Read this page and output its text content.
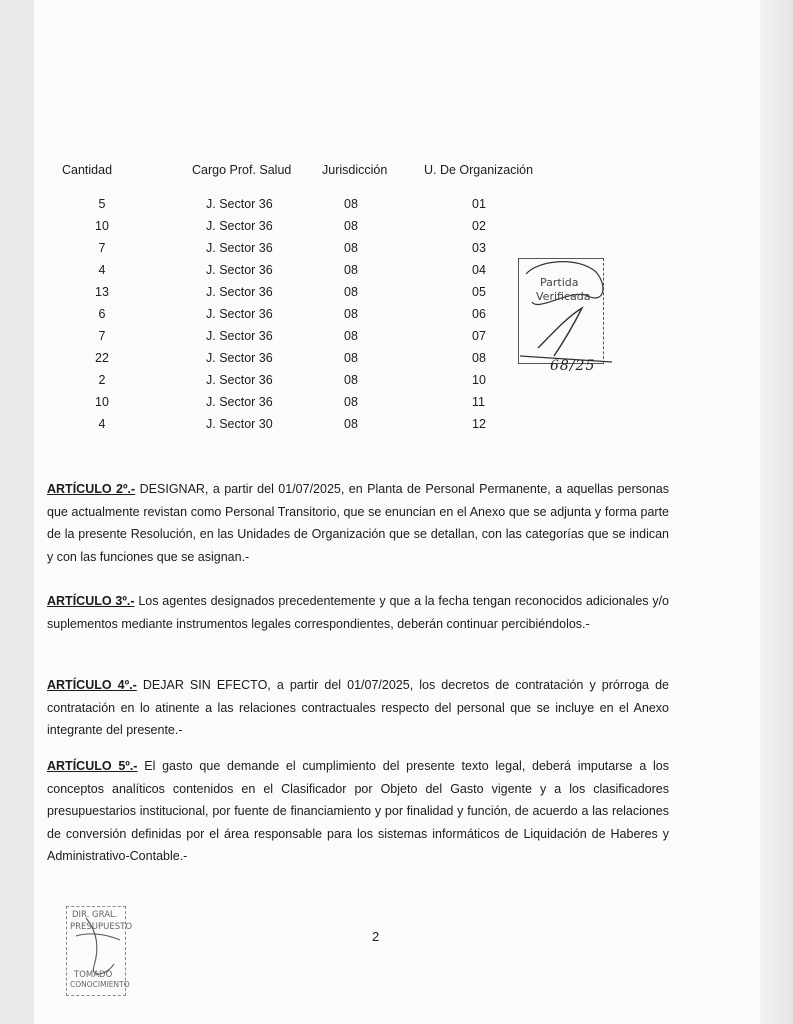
Cantidad	Cargo Prof. Salud	Jurisdicción	U. De Organización
5	J. Sector 36	08	01
10	J. Sector 36	08	02
7	J. Sector 36	08	03
4	J. Sector 36	08	04
13	J. Sector 36	08	05
6	J. Sector 36	08	06
7	J. Sector 36	08	07
22	J. Sector 36	08	08
2	J. Sector 36	08	10
10	J. Sector 36	08	11
4	J. Sector 30	08	12
ARTÍCULO 2º.- DESIGNAR, a partir del 01/07/2025, en Planta de Personal Permanente, a aquellas personas que actualmente revistan como Personal Transitorio, que se enuncian en el Anexo que se adjunta y forma parte de la presente Resolución, en las Unidades de Organización que se detallan, con las categorías que se indican y con las funciones que se asignan.-
ARTÍCULO 3º.- Los agentes designados precedentemente y que a la fecha tengan reconocidos adicionales y/o suplementos mediante instrumentos legales correspondientes, deberán continuar percibiéndolos.-
ARTÍCULO 4º.- DEJAR SIN EFECTO, a partir del 01/07/2025, los decretos de contratación y prórroga de contratación en lo atinente a las relaciones contractuales respecto del personal que se incluye en el Anexo integrante del presente.-
ARTÍCULO 5º.- El gasto que demande el cumplimiento del presente texto legal, deberá imputarse a los conceptos analíticos contenidos en el Clasificador por Objeto del Gasto vigente y a los clasificadores presupuestarios institucional, por fuente de financiamiento y por finalidad y función, de acuerdo a las relaciones de conversión definidas por el área responsable para los sistemas informáticos de Liquidación de Haberes y Administrativo-Contable.-
2
Partida
Verificada
68/25
DIR. GRAL.
PRESUPUESTO
TOMADO
CONOCIMIENTO
